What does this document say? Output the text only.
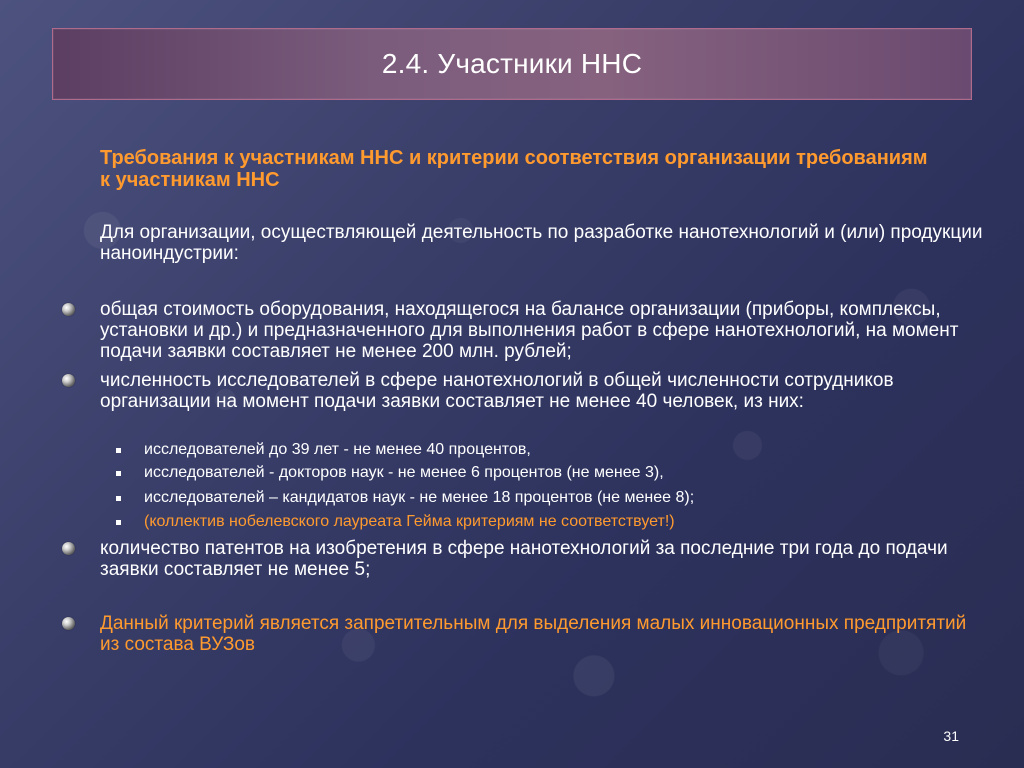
2.4. Участники ННС
Требования к участникам ННС и критерии соответствия организации требованиям к участникам ННС
Для организации, осуществляющей деятельность по разработке нанотехнологий и (или) продукции наноиндустрии:
общая стоимость оборудования, находящегося на балансе организации (приборы, комплексы, установки и др.) и предназначенного для выполнения работ в сфере нанотехнологий, на момент подачи заявки составляет не менее 200 млн. рублей;
численность исследователей в сфере нанотехнологий в общей численности сотрудников организации на момент подачи заявки составляет не менее 40 человек, из них:
исследователей до 39 лет - не менее 40 процентов,
исследователей - докторов наук - не менее 6 процентов (не менее 3),
исследователей – кандидатов наук - не менее 18 процентов (не менее 8);
(коллектив нобелевского лауреата Гейма критериям не соответствует!)
количество патентов на изобретения в сфере нанотехнологий за последние три года до подачи заявки составляет не менее 5;
Данный критерий является запретительным для выделения малых инновационных предпритятий из состава ВУЗов
31
